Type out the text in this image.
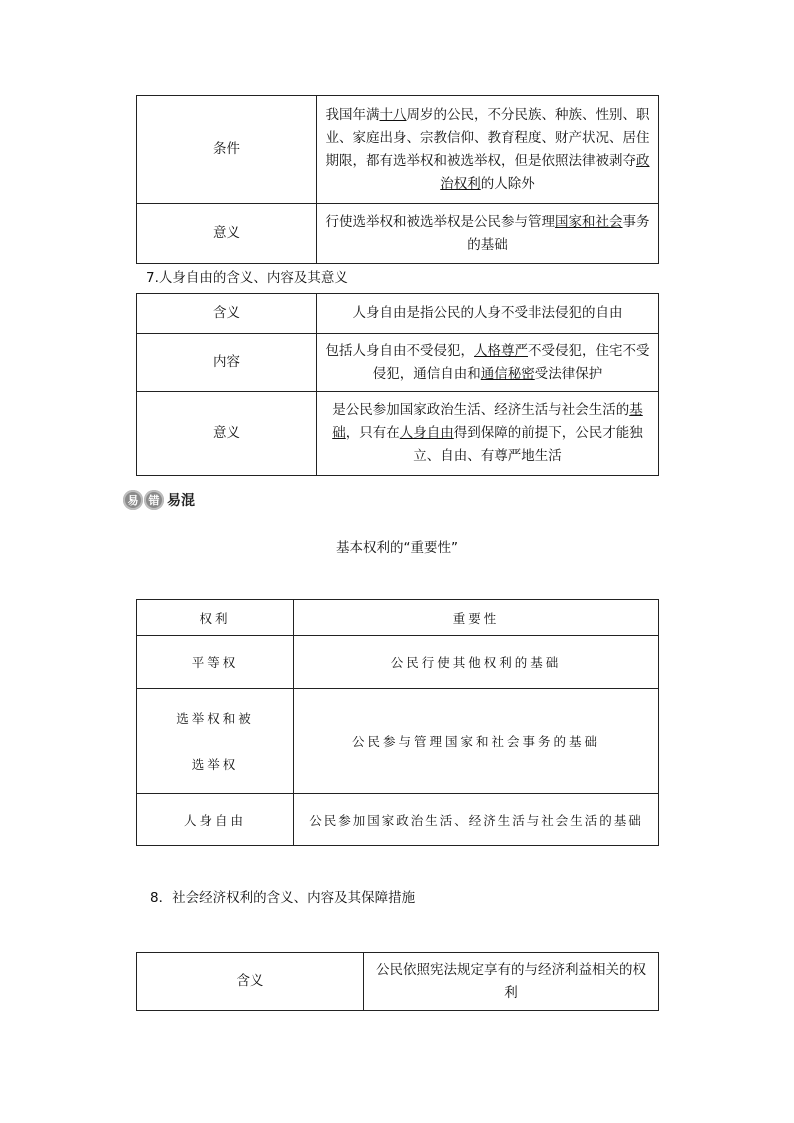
条件	我国年满十八周岁的公民，不分民族、种族、性别、职业、家庭出身、宗教信仰、教育程度、财产状况、居住期限，都有选举权和被选举权，但是依照法律被剥夺政治权利的人除外
意义	行使选举权和被选举权是公民参与管理国家和社会事务的基础
7.人身自由的含义、内容及其意义
含义	人身自由是指公民的人身不受非法侵犯的自由
内容	包括人身自由不受侵犯，人格尊严不受侵犯，住宅不受侵犯，通信自由和通信秘密受法律保护
意义	是公民参加国家政治生活、经济生活与社会生活的基础，只有在人身自由得到保障的前提下，公民才能独立、自由、有尊严地生活
易 错 易混
基本权利的“重要性”
权利	重要性
平等权	公民行使其他权利的基础

选举权和被
选举权	公民参与管理国家和社会事务的基础
人身自由	公民参加国家政治生活、经济生活与社会生活的基础
8．社会经济权利的含义、内容及其保障措施
含义	公民依照宪法规定享有的与经济利益相关的权利
